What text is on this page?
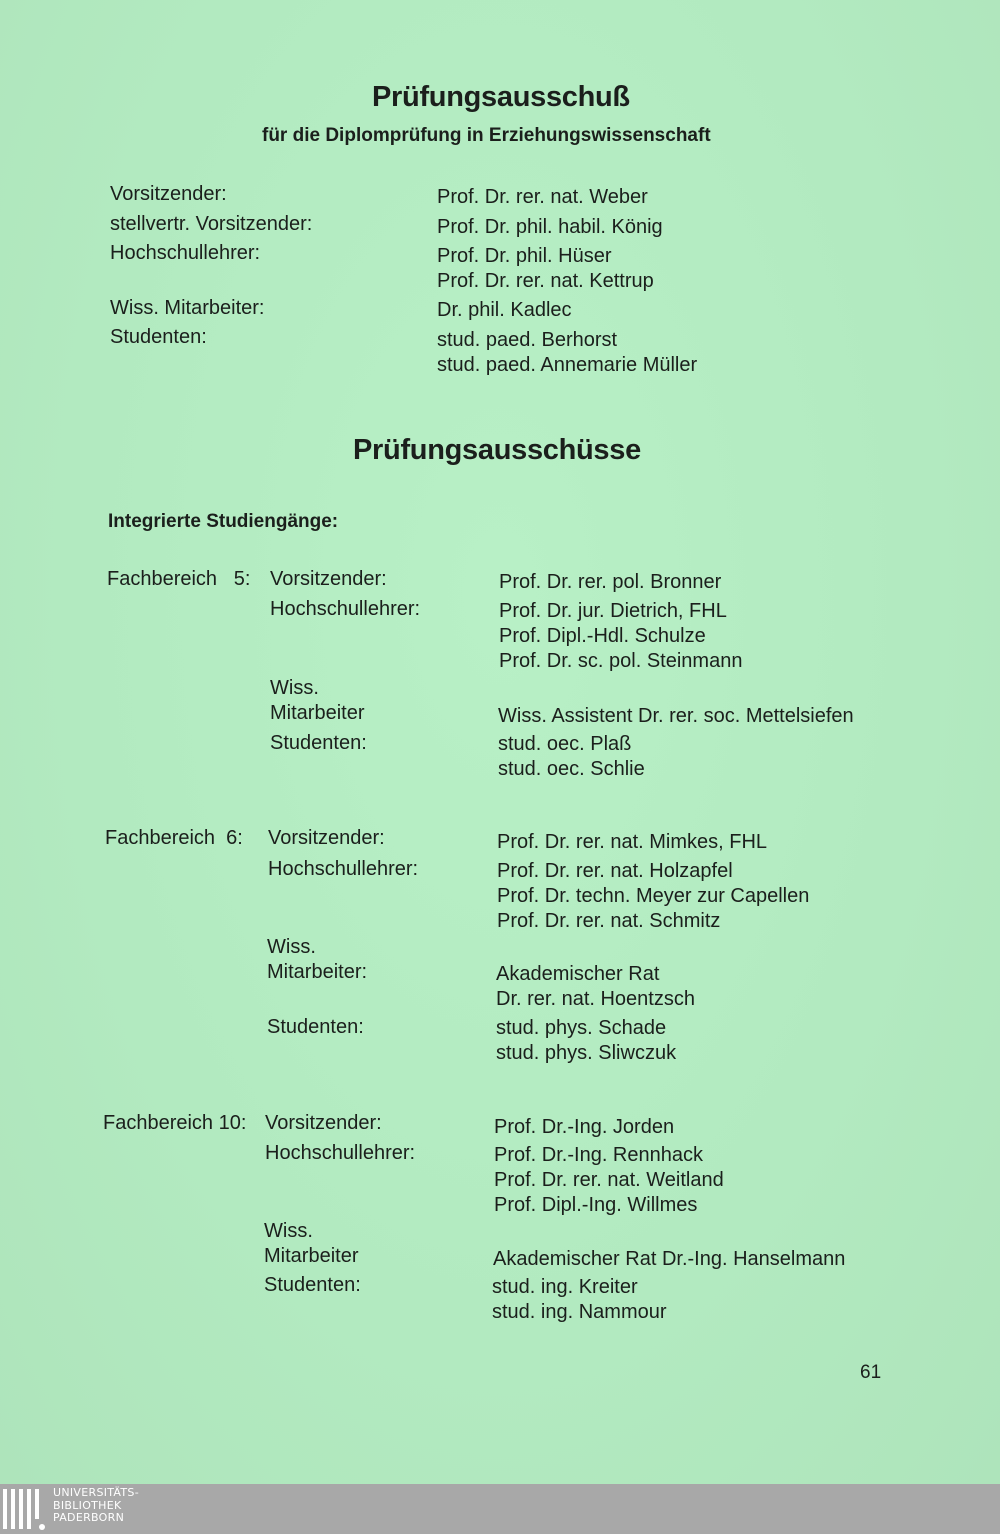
Prüfungsausschuß
für die Diplomprüfung in Erziehungswissenschaft
Vorsitzender:	Prof. Dr. rer. nat. Weber
stellvertr. Vorsitzender:	Prof. Dr. phil. habil. König
Hochschullehrer:	Prof. Dr. phil. Hüser
Prof. Dr. rer. nat. Kettrup
Wiss. Mitarbeiter:	Dr. phil. Kadlec
Studenten:	stud. paed. Berhorst
stud. paed. Annemarie Müller
Prüfungsausschüsse
Integrierte Studiengänge:
Fachbereich   5: Vorsitzender:	Prof. Dr. rer. pol. Bronner
Hochschullehrer:	Prof. Dr. jur. Dietrich, FHL
Prof. Dipl.-Hdl. Schulze
Prof. Dr. sc. pol. Steinmann
Wiss.
Mitarbeiter	Wiss. Assistent Dr. rer. soc. Mettelsiefen
Studenten:	stud. oec. Plaß
stud. oec. Schlie
Fachbereich  6: Vorsitzender:	Prof. Dr. rer. nat. Mimkes, FHL
Hochschullehrer:	Prof. Dr. rer. nat. Holzapfel
Prof. Dr. techn. Meyer zur Capellen
Prof. Dr. rer. nat. Schmitz
Wiss.
Mitarbeiter:	Akademischer Rat
Dr. rer. nat. Hoentzsch
Studenten:	stud. phys. Schade
stud. phys. Sliwczuk
Fachbereich 10: Vorsitzender:	Prof. Dr.-Ing. Jorden
Hochschullehrer:	Prof. Dr.-Ing. Rennhack
Prof. Dr. rer. nat. Weitland
Prof. Dipl.-Ing. Willmes
Wiss.
Mitarbeiter	Akademischer Rat Dr.-Ing. Hanselmann
Studenten:	stud. ing. Kreiter
stud. ing. Nammour
61
UNIVERSITÄTS-
BIBLIOTHEK
PADERBORN
